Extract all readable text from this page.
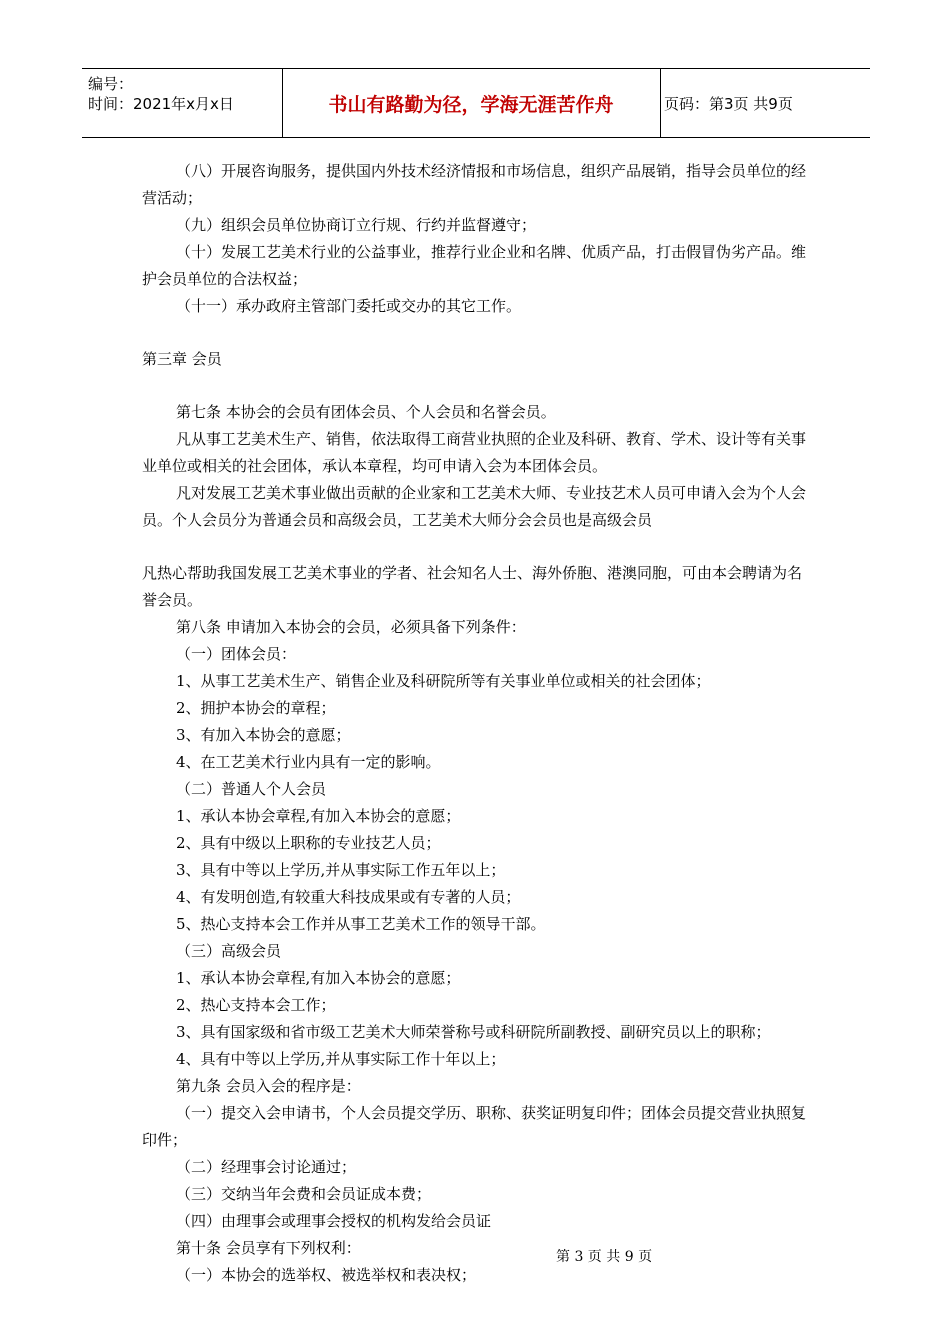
编号：
时间：2021年x月x日	书山有路勤为径，学海无涯苦作舟	页码：第3页 共9页
（八）开展咨询服务，提供国内外技术经济情报和市场信息，组织产品展销，指导会员单位的经营活动；
（九）组织会员单位协商订立行规、行约并监督遵守；
（十）发展工艺美术行业的公益事业，推荐行业企业和名牌、优质产品，打击假冒伪劣产品。维护会员单位的合法权益；
（十一）承办政府主管部门委托或交办的其它工作。
第三章 会员
第七条 本协会的会员有团体会员、个人会员和名誉会员。
凡从事工艺美术生产、销售，依法取得工商营业执照的企业及科研、教育、学术、设计等有关事业单位或相关的社会团体，承认本章程，均可申请入会为本团体会员。
凡对发展工艺美术事业做出贡献的企业家和工艺美术大师、专业技艺术人员可申请入会为个人会员。个人会员分为普通会员和高级会员，工艺美术大师分会会员也是高级会员
凡热心帮助我国发展工艺美术事业的学者、社会知名人士、海外侨胞、港澳同胞，可由本会聘请为名誉会员。
第八条 申请加入本协会的会员，必须具备下列条件：
（一）团体会员：
1、从事工艺美术生产、销售企业及科研院所等有关事业单位或相关的社会团体；
2、拥护本协会的章程；
3、有加入本协会的意愿；
4、在工艺美术行业内具有一定的影响。
（二）普通人个人会员
1、承认本协会章程,有加入本协会的意愿；
2、具有中级以上职称的专业技艺人员；
3、具有中等以上学历,并从事实际工作五年以上；
4、有发明创造,有较重大科技成果或有专著的人员；
5、热心支持本会工作并从事工艺美术工作的领导干部。
（三）高级会员
1、承认本协会章程,有加入本协会的意愿；
2、热心支持本会工作；
3、具有国家级和省市级工艺美术大师荣誉称号或科研院所副教授、副研究员以上的职称；
4、具有中等以上学历,并从事实际工作十年以上；
第九条 会员入会的程序是：
（一）提交入会申请书，个人会员提交学历、职称、获奖证明复印件；团体会员提交营业执照复印件；
（二）经理事会讨论通过；
（三）交纳当年会费和会员证成本费；
（四）由理事会或理事会授权的机构发给会员证
第十条 会员享有下列权利：
（一）本协会的选举权、被选举权和表决权；
第 3 页 共 9 页
